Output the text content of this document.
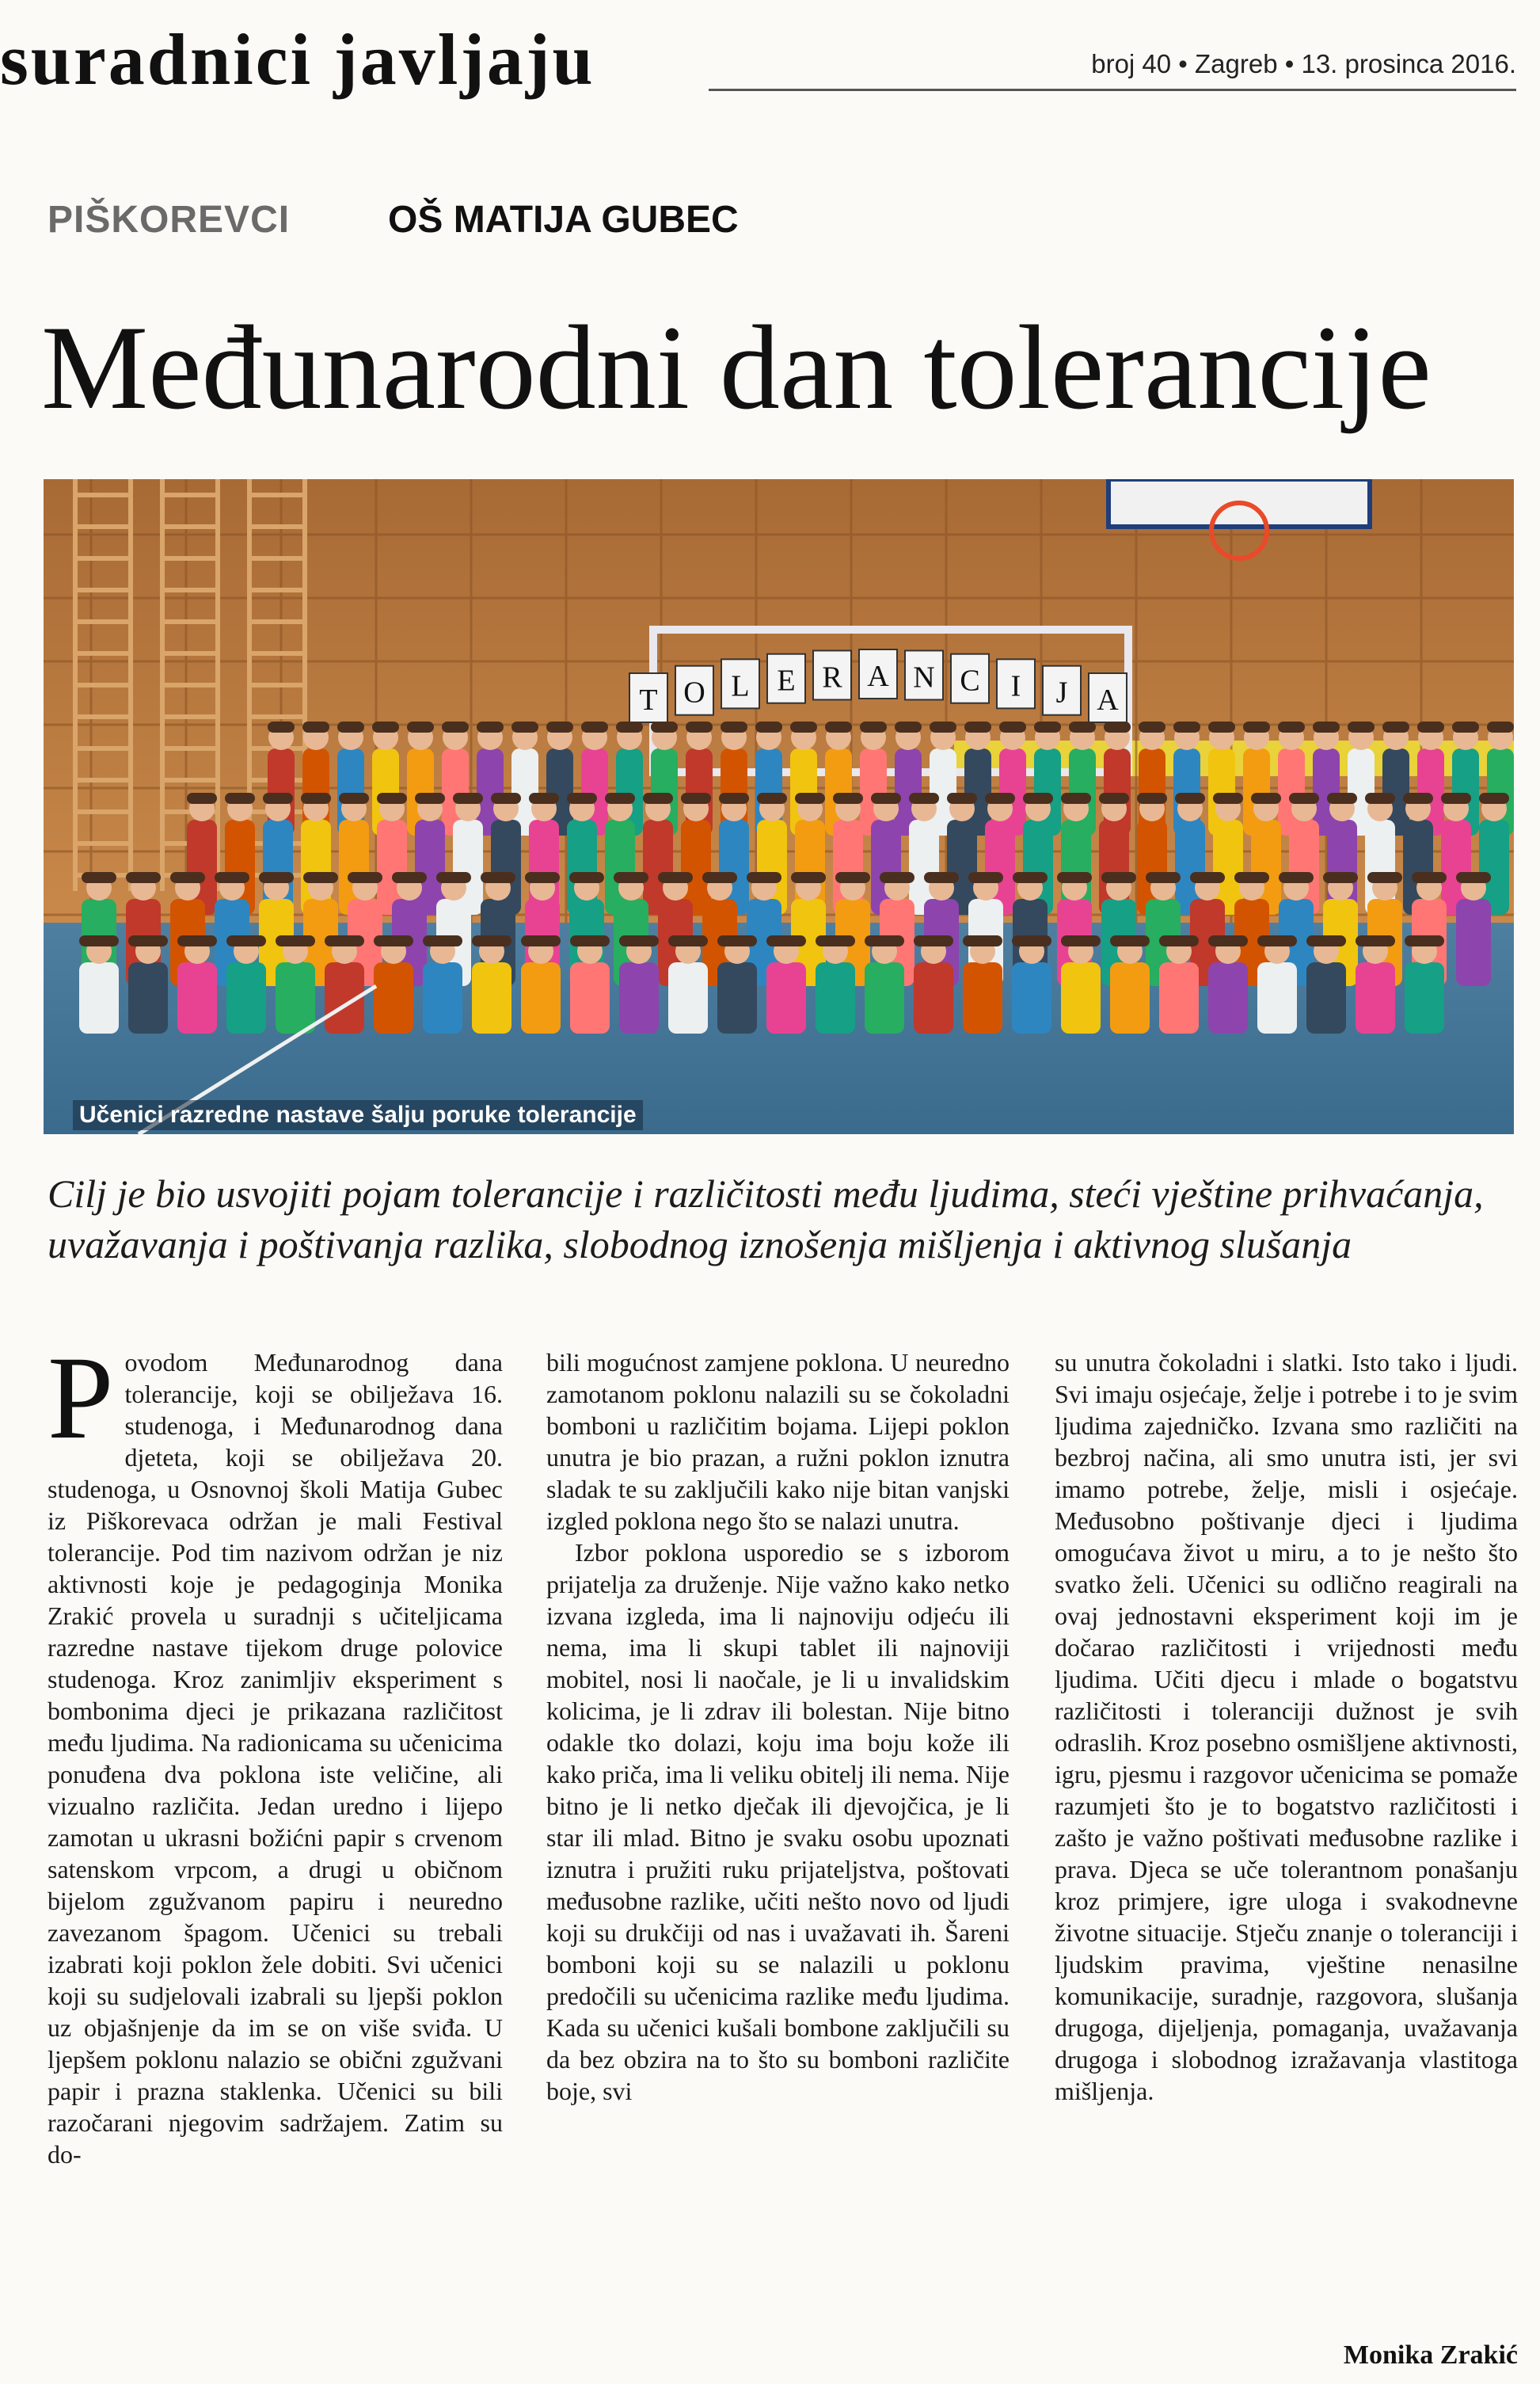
suradnici javljaju	broj 40 • Zagreb • 13. prosinca 2016.
PIŠKOREVCI	OŠ MATIJA GUBEC
Međunarodni dan tolerancije
T O L E R A N C I J A
Učenici razredne nastave šalju poruke tolerancije
Cilj je bio usvojiti pojam tolerancije i različitosti među ljudima, steći vještine prihvaćanja, uvažavanja i poštivanja razlika, slobodnog iznošenja mišljenja i aktivnog slušanja
P ovodom Međunarodnog dana tolerancije, koji se obilježava 16. studenoga, i Međunarodnog dana djeteta, koji se obilježava 20. studenoga, u Osnovnoj školi Matija Gubec iz Piškorevaca održan je mali Festival tolerancije. Pod tim nazivom održan je niz aktivnosti koje je pedagoginja Monika Zrakić provela u suradnji s učiteljicama razredne nastave tijekom druge polovice studenoga. Kroz zanimljiv eksperiment s bombonima djeci je prikazana različitost među ljudima. Na radionicama su učenicima ponuđena dva poklona iste veličine, ali vizualno različita. Jedan uredno i lijepo zamotan u ukrasni božićni papir s crvenom satenskom vrpcom, a drugi u običnom bijelom zgužvanom papiru i neuredno zavezanom špagom. Učenici su trebali izabrati koji poklon žele dobiti. Svi učenici koji su sudjelovali izabrali su ljepši poklon uz objašnjenje da im se on više sviđa. U ljepšem poklonu nalazio se obični zgužvani papir i prazna staklenka. Učenici su bili razočarani njegovim sadržajem. Zatim su do-

bili mogućnost zamjene poklona. U neuredno zamotanom poklonu nalazili su se čokoladni bomboni u različitim bojama. Lijepi poklon unutra je bio prazan, a ružni poklon iznutra sladak te su zaključili kako nije bitan vanjski izgled poklona nego što se nalazi unutra.

Izbor poklona usporedio se s izborom prijatelja za druženje. Nije važno kako netko izvana izgleda, ima li najnoviju odjeću ili nema, ima li skupi tablet ili najnoviji mobitel, nosi li naočale, je li u invalidskim kolicima, je li zdrav ili bolestan. Nije bitno odakle tko dolazi, koju ima boju kože ili kako priča, ima li veliku obitelj ili nema. Nije bitno je li netko dječak ili djevojčica, je li star ili mlad. Bitno je svaku osobu upoznati iznutra i pružiti ruku prijateljstva, poštovati međusobne razlike, učiti nešto novo od ljudi koji su drukčiji od nas i uvažavati ih. Šareni bomboni koji su se nalazili u poklonu predočili su učenicima razlike među ljudima. Kada su učenici kušali bombone zaključili su da bez obzira na to što su bomboni različite boje, svi

su unutra čokoladni i slatki. Isto tako i ljudi. Svi imaju osjećaje, želje i potrebe i to je svim ljudima zajedničko. Izvana smo različiti na bezbroj načina, ali smo unutra isti, jer svi imamo potrebe, želje, misli i osjećaje. Međusobno poštivanje djeci i ljudima omogućava život u miru, a to je nešto što svatko želi. Učenici su odlično reagirali na ovaj jednostavni eksperiment koji im je dočarao različitosti i vrijednosti među ljudima. Učiti djecu i mlade o bogatstvu različitosti i toleranciji dužnost je svih odraslih. Kroz posebno osmišljene aktivnosti, igru, pjesmu i razgovor učenicima se pomaže razumjeti što je to bogatstvo različitosti i zašto je važno poštivati međusobne razlike i prava. Djeca se uče tolerantnom ponašanju kroz primjere, igre uloga i svakodnevne životne situacije. Stječu znanje o toleranciji i ljudskim pravima, vještine nenasilne komunikacije, suradnje, razgovora, slušanja drugoga, dijeljenja, pomaganja, uvažavanja drugoga i slobodnog izražavanja vlastitoga mišljenja.

Monika Zrakić
